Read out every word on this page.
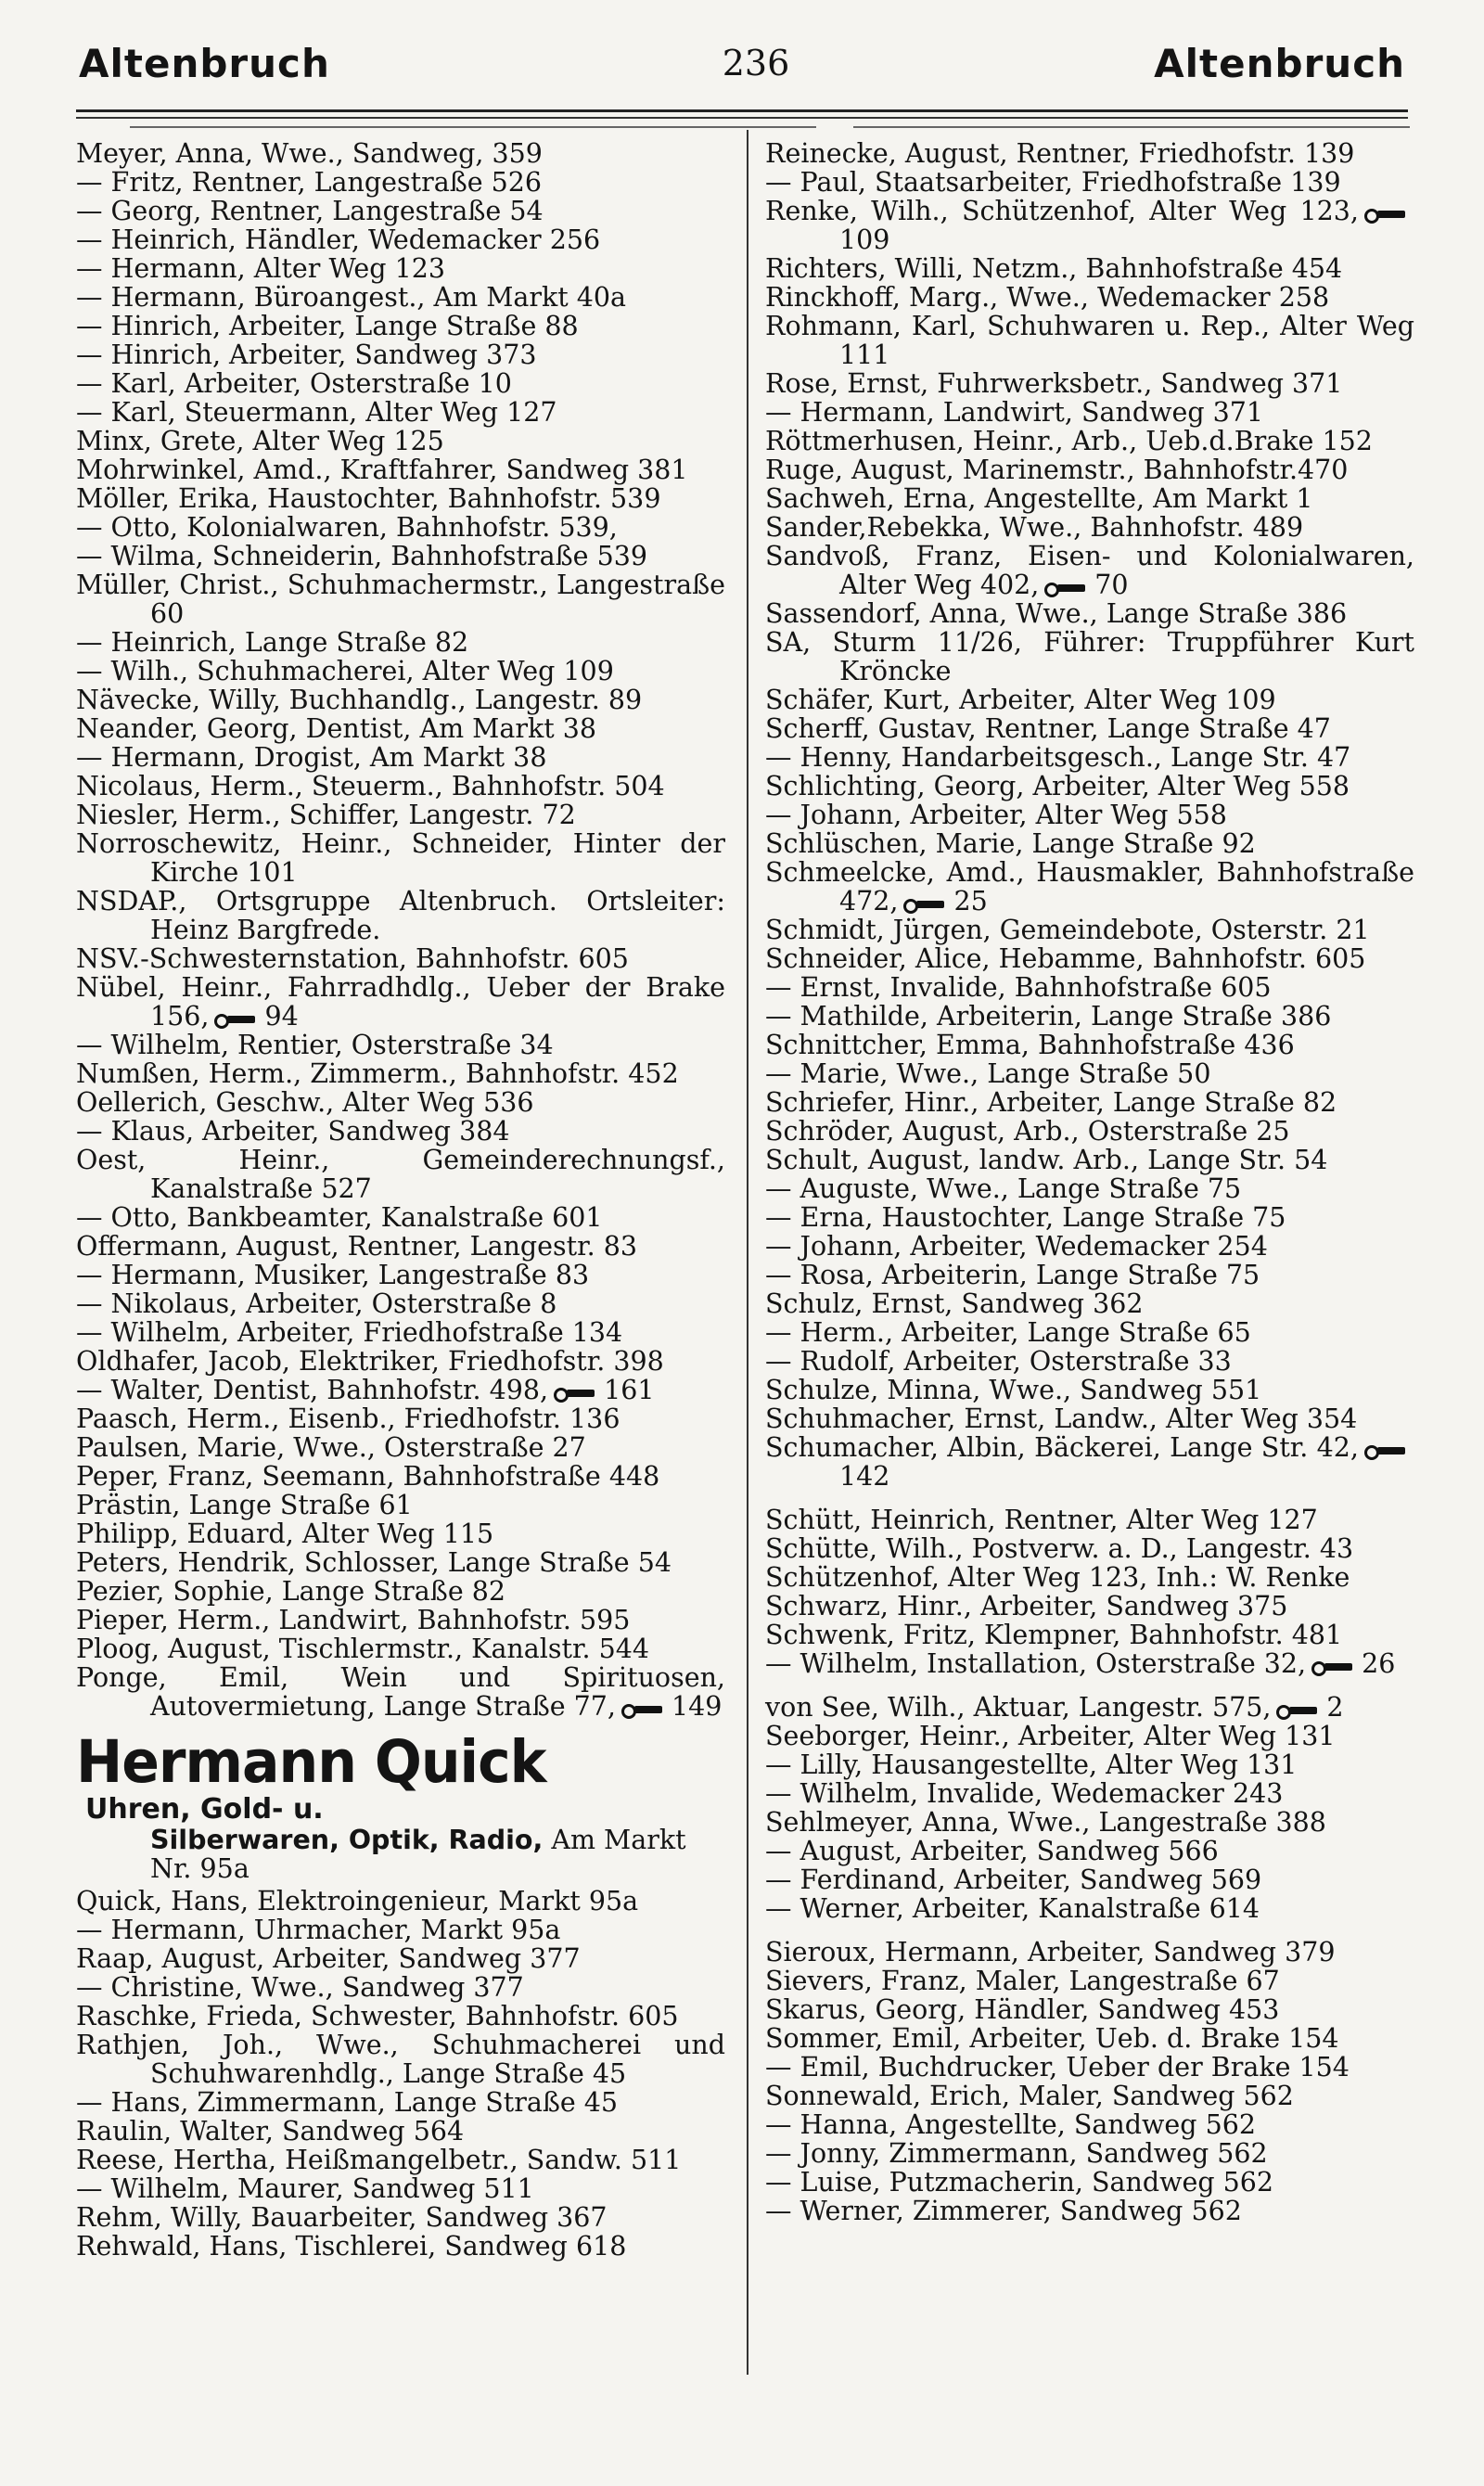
Altenbruch	236	Altenbruch
Meyer, Anna, Wwe., Sandweg, 359
— Fritz, Rentner, Langestraße 526
— Georg, Rentner, Langestraße 54
— Heinrich, Händler, Wedemacker 256
— Hermann, Alter Weg 123
— Hermann, Büroangest., Am Markt 40a
— Hinrich, Arbeiter, Lange Straße 88
— Hinrich, Arbeiter, Sandweg 373
— Karl, Arbeiter, Osterstraße 10
— Karl, Steuermann, Alter Weg 127
Minx, Grete, Alter Weg 125
Mohrwinkel, Amd., Kraftfahrer, Sandweg 381
Möller, Erika, Haustochter, Bahnhofstr. 539
— Otto, Kolonialwaren, Bahnhofstr. 539,
— Wilma, Schneiderin, Bahnhofstraße 539
Müller, Christ., Schuhmachermstr., Langestraße 60
— Heinrich, Lange Straße 82
— Wilh., Schuhmacherei, Alter Weg 109
Nävecke, Willy, Buchhandlg., Langestr. 89
Neander, Georg, Dentist, Am Markt 38
— Hermann, Drogist, Am Markt 38
Nicolaus, Herm., Steuerm., Bahnhofstr. 504
Niesler, Herm., Schiffer, Langestr. 72
Norroschewitz, Heinr., Schneider, Hinter der Kirche 101
NSDAP., Ortsgruppe Altenbruch. Ortsleiter: Heinz Bargfrede.
NSV.-Schwesternstation, Bahnhofstr. 605
Nübel, Heinr., Fahrradhdlg., Ueber der Brake 156, 94
— Wilhelm, Rentier, Osterstraße 34
Numßen, Herm., Zimmerm., Bahnhofstr. 452
Oellerich, Geschw., Alter Weg 536
— Klaus, Arbeiter, Sandweg 384
Oest, Heinr., Gemeinderechnungsf., Kanalstraße 527
— Otto, Bankbeamter, Kanalstraße 601
Offermann, August, Rentner, Langestr. 83
— Hermann, Musiker, Langestraße 83
— Nikolaus, Arbeiter, Osterstraße 8
— Wilhelm, Arbeiter, Friedhofstraße 134
Oldhafer, Jacob, Elektriker, Friedhofstr. 398
— Walter, Dentist, Bahnhofstr. 498, 161
Paasch, Herm., Eisenb., Friedhofstr. 136
Paulsen, Marie, Wwe., Osterstraße 27
Peper, Franz, Seemann, Bahnhofstraße 448
Prästin, Lange Straße 61
Philipp, Eduard, Alter Weg 115
Peters, Hendrik, Schlosser, Lange Straße 54
Pezier, Sophie, Lange Straße 82
Pieper, Herm., Landwirt, Bahnhofstr. 595
Ploog, August, Tischlermstr., Kanalstr. 544
Ponge, Emil, Wein und Spirituosen, Autovermietung, Lange Straße 77, 149
Hermann QuickUhren, Gold- u.
Silberwaren, Optik, Radio, Am Markt Nr. 95a
Quick, Hans, Elektroingenieur, Markt 95a
— Hermann, Uhrmacher, Markt 95a
Raap, August, Arbeiter, Sandweg 377
— Christine, Wwe., Sandweg 377
Raschke, Frieda, Schwester, Bahnhofstr. 605
Rathjen, Joh., Wwe., Schuhmacherei und Schuhwarenhdlg., Lange Straße 45
— Hans, Zimmermann, Lange Straße 45
Raulin, Walter, Sandweg 564
Reese, Hertha, Heißmangelbetr., Sandw. 511
— Wilhelm, Maurer, Sandweg 511
Rehm, Willy, Bauarbeiter, Sandweg 367
Rehwald, Hans, Tischlerei, Sandweg 618
Reinecke, August, Rentner, Friedhofstr. 139
— Paul, Staatsarbeiter, Friedhofstraße 139
Renke, Wilh., Schützenhof, Alter Weg 123,109
Richters, Willi, Netzm., Bahnhofstraße 454
Rinckhoff, Marg., Wwe., Wedemacker 258
Rohmann, Karl, Schuhwaren u. Rep., Alter Weg 111
Rose, Ernst, Fuhrwerksbetr., Sandweg 371
— Hermann, Landwirt, Sandweg 371
Röttmerhusen, Heinr., Arb., Ueb.d.Brake 152
Ruge, August, Marinemstr., Bahnhofstr.470
Sachweh, Erna, Angestellte, Am Markt 1
Sander,Rebekka, Wwe., Bahnhofstr. 489
Sandvoß, Franz, Eisen- und Kolonialwaren, Alter Weg 402, 70
Sassendorf, Anna, Wwe., Lange Straße 386
SA, Sturm 11/26, Führer: Truppführer Kurt Kröncke
Schäfer, Kurt, Arbeiter, Alter Weg 109
Scherff, Gustav, Rentner, Lange Straße 47
— Henny, Handarbeitsgesch., Lange Str. 47
Schlichting, Georg, Arbeiter, Alter Weg 558
— Johann, Arbeiter, Alter Weg 558
Schlüschen, Marie, Lange Straße 92
Schmeelcke, Amd., Hausmakler, Bahnhofstraße 472, 25
Schmidt, Jürgen, Gemeindebote, Osterstr. 21
Schneider, Alice, Hebamme, Bahnhofstr. 605
— Ernst, Invalide, Bahnhofstraße 605
— Mathilde, Arbeiterin, Lange Straße 386
Schnittcher, Emma, Bahnhofstraße 436
— Marie, Wwe., Lange Straße 50
Schriefer, Hinr., Arbeiter, Lange Straße 82
Schröder, August, Arb., Osterstraße 25
Schult, August, landw. Arb., Lange Str. 54
— Auguste, Wwe., Lange Straße 75
— Erna, Haustochter, Lange Straße 75
— Johann, Arbeiter, Wedemacker 254
— Rosa, Arbeiterin, Lange Straße 75
Schulz, Ernst, Sandweg 362
— Herm., Arbeiter, Lange Straße 65
— Rudolf, Arbeiter, Osterstraße 33
Schulze, Minna, Wwe., Sandweg 551
Schuhmacher, Ernst, Landw., Alter Weg 354
Schumacher, Albin, Bäckerei, Lange Str. 42,142
Schütt, Heinrich, Rentner, Alter Weg 127
Schütte, Wilh., Postverw. a. D., Langestr. 43
Schützenhof, Alter Weg 123, Inh.: W. Renke
Schwarz, Hinr., Arbeiter, Sandweg 375
Schwenk, Fritz, Klempner, Bahnhofstr. 481
— Wilhelm, Installation, Osterstraße 32, 26
von See, Wilh., Aktuar, Langestr. 575, 2
Seeborger, Heinr., Arbeiter, Alter Weg 131
— Lilly, Hausangestellte, Alter Weg 131
— Wilhelm, Invalide, Wedemacker 243
Sehlmeyer, Anna, Wwe., Langestraße 388
— August, Arbeiter, Sandweg 566
— Ferdinand, Arbeiter, Sandweg 569
— Werner, Arbeiter, Kanalstraße 614
Sieroux, Hermann, Arbeiter, Sandweg 379
Sievers, Franz, Maler, Langestraße 67
Skarus, Georg, Händler, Sandweg 453
Sommer, Emil, Arbeiter, Ueb. d. Brake 154
— Emil, Buchdrucker, Ueber der Brake 154
Sonnewald, Erich, Maler, Sandweg 562
— Hanna, Angestellte, Sandweg 562
— Jonny, Zimmermann, Sandweg 562
— Luise, Putzmacherin, Sandweg 562
— Werner, Zimmerer, Sandweg 562
